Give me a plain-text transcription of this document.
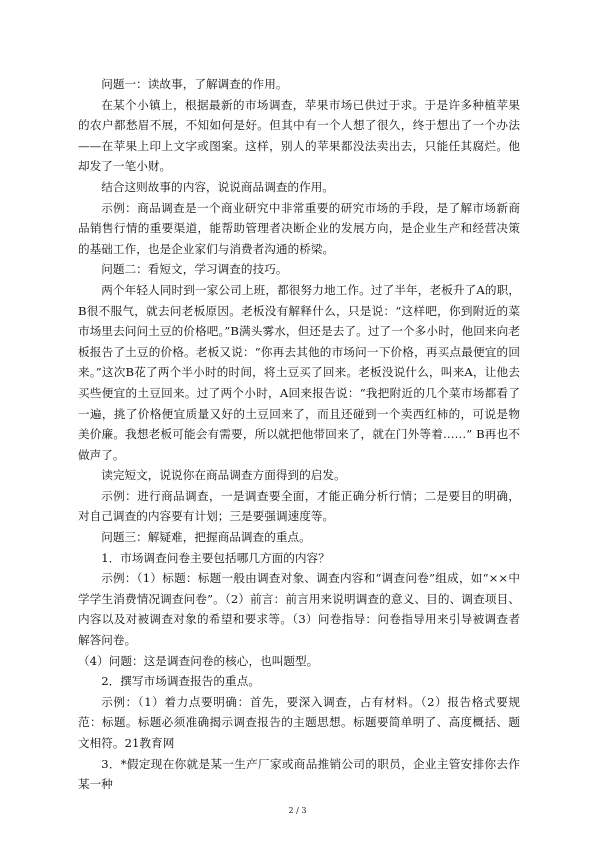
问题一：读故事，了解调查的作用。

在某个小镇上，根据最新的市场调查，苹果市场已供过于求。于是许多种植苹果的农户都愁眉不展，不知如何是好。但其中有一个人想了很久，终于想出了一个办法——在苹果上印上文字或图案。这样，别人的苹果都没法卖出去，只能任其腐烂。他却发了一笔小财。

结合这则故事的内容，说说商品调查的作用。

示例：商品调查是一个商业研究中非常重要的研究市场的手段，是了解市场新商品销售行情的重要渠道，能帮助管理者决断企业的发展方向，是企业生产和经营决策的基础工作，也是企业家们与消费者沟通的桥梁。

问题二：看短文，学习调查的技巧。

两个年轻人同时到一家公司上班，都很努力地工作。过了半年，老板升了A的职，B很不服气，就去问老板原因。老板没有解释什么，只是说：“这样吧，你到附近的菜市场里去问问土豆的价格吧。”B满头雾水，但还是去了。过了一个多小时，他回来向老板报告了土豆的价格。老板又说：“你再去其他的市场问一下价格，再买点最便宜的回来。”这次B花了两个半小时的时间，将土豆买了回来。老板没说什么，叫来A，让他去买些便宜的土豆回来。过了两个小时，A回来报告说：“我把附近的几个菜市场都看了一遍，挑了价格便宜质量又好的土豆回来了，而且还碰到一个卖西红柿的，可说是物美价廉。我想老板可能会有需要，所以就把他带回来了，就在门外等着……” B再也不做声了。

读完短文，说说你在商品调查方面得到的启发。

示例：进行商品调查，一是调查要全面，才能正确分析行情；二是要目的明确，对自己调查的内容要有计划；三是要强调速度等。

问题三：解疑难，把握商品调查的重点。

1．市场调查问卷主要包括哪几方面的内容？

示例：（1）标题：标题一般由调查对象、调查内容和“调查问卷”组成，如“××中学学生消费情况调查问卷”。（2）前言：前言用来说明调查的意义、目的、调查项目、内容以及对被调查对象的希望和要求等。（3）问卷指导：问卷指导用来引导被调查者解答问卷。

（4）问题：这是调查问卷的核心，也叫题型。

2．撰写市场调查报告的重点。

示例：（1）着力点要明确：首先，要深入调查，占有材料。（2）报告格式要规范：标题。标题必须准确揭示调查报告的主题思想。标题要简单明了、高度概括、题文相符。21教育网

3．*假定现在你就是某一生产厂家或商品推销公司的职员，企业主管安排你去作某一种

2 / 3
